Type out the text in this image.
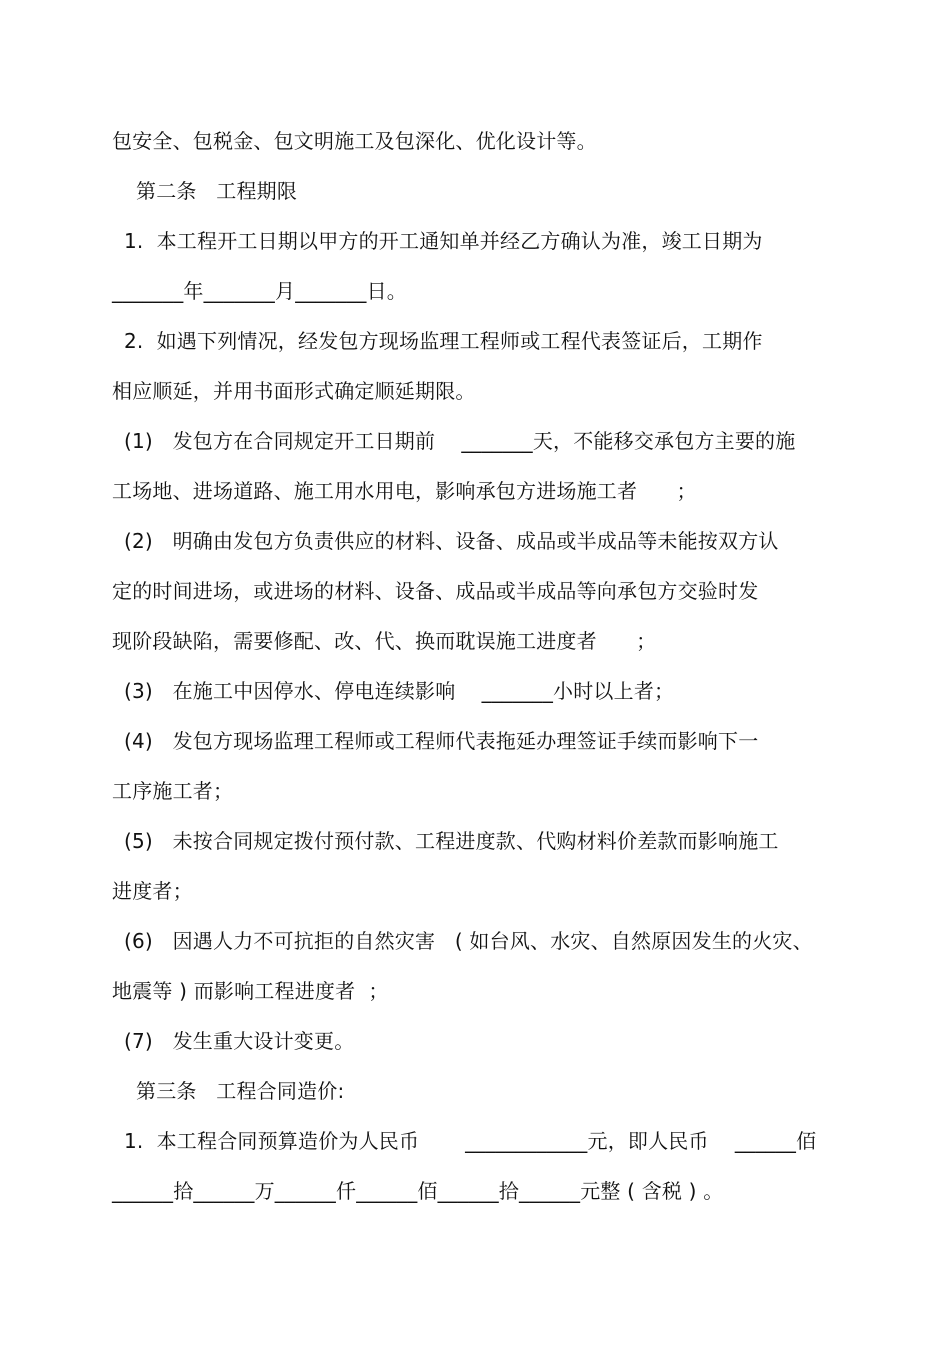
包安全、包税金、包文明施工及包深化、优化设计等。
第二条   工程期限
1.  本工程开工日期以甲方的开工通知单并经乙方确认为准，竣工日期为
_______年_______月_______日。
2.  如遇下列情况，经发包方现场监理工程师或工程代表签证后，工期作
相应顺延，并用书面形式确定顺延期限。
(1)   发包方在合同规定开工日期前    _______天，不能移交承包方主要的施
工场地、进场道路、施工用水用电，影响承包方进场施工者      ；
(2)   明确由发包方负责供应的材料、设备、成品或半成品等未能按双方认
定的时间进场，或进场的材料、设备、成品或半成品等向承包方交验时发
现阶段缺陷，需要修配、改、代、换而耽误施工进度者      ；
(3)   在施工中因停水、停电连续影响    _______小时以上者；
(4)   发包方现场监理工程师或工程师代表拖延办理签证手续而影响下一
工序施工者；
(5)   未按合同规定拨付预付款、工程进度款、代购材料价差款而影响施工
进度者；
(6)   因遇人力不可抗拒的自然灾害   ( 如台风、水灾、自然原因发生的火灾、
地震等 ) 而影响工程进度者  ；
(7)   发生重大设计变更。
第三条   工程合同造价:
1.  本工程合同预算造价为人民币       ____________元，即人民币    ______佰
______拾______万______仟______佰______拾______元整 ( 含税 ) 。
